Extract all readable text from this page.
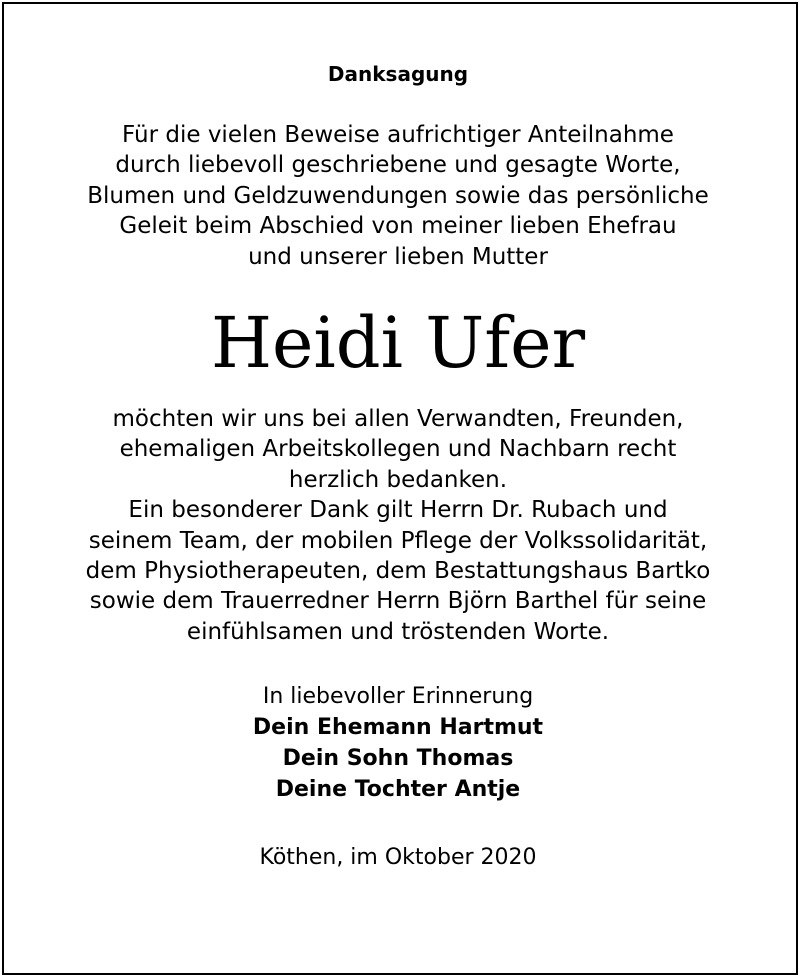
Danksagung

Für die vielen Beweise aufrichtiger Anteilnahme
durch liebevoll geschriebene und gesagte Worte,
Blumen und Geldzuwendungen sowie das persönliche
Geleit beim Abschied von meiner lieben Ehefrau
und unserer lieben Mutter

Heidi Ufer

möchten wir uns bei allen Verwandten, Freunden,
ehemaligen Arbeitskollegen und Nachbarn recht
herzlich bedanken.
Ein besonderer Dank gilt Herrn Dr. Rubach und
seinem Team, der mobilen Pflege der Volkssolidarität,
dem Physiotherapeuten, dem Bestattungshaus Bartko
sowie dem Trauerredner Herrn Björn Barthel für seine
einfühlsamen und tröstenden Worte.

In liebevoller Erinnerung
Dein Ehemann Hartmut
Dein Sohn Thomas
Deine Tochter Antje
Köthen, im Oktober 2020
